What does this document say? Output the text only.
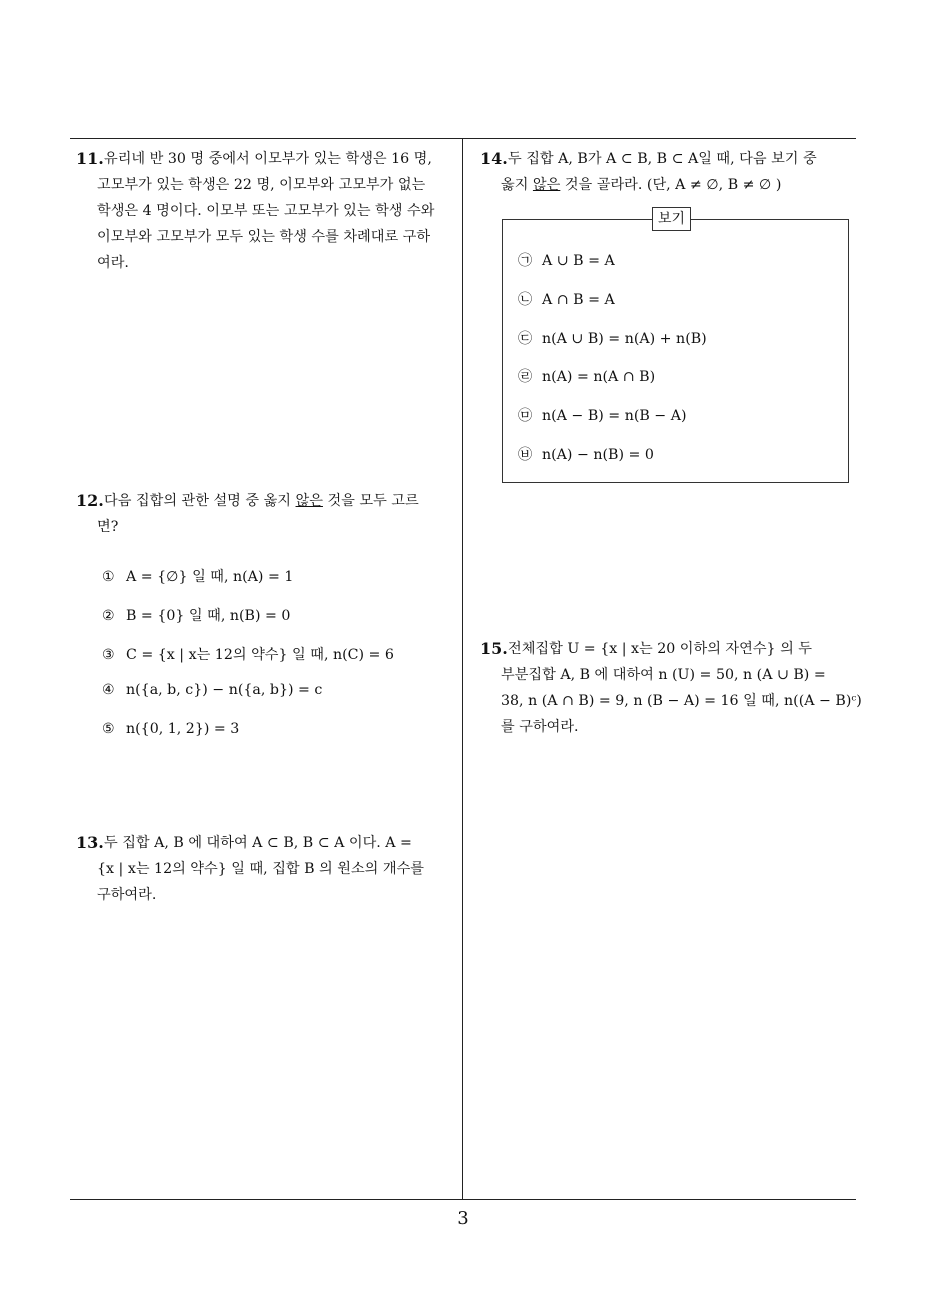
11. 유리네 반 30 명 중에서 이모부가 있는 학생은 16 명,
고모부가 있는 학생은 22 명, 이모부와 고모부가 없는
학생은 4 명이다. 이모부 또는 고모부가 있는 학생 수와
이모부와 고모부가 모두 있는 학생 수를 차례대로 구하
여라.
12. 다음 집합의 관한 설명 중 옳지 않은 것을 모두 고르
면?
① A = {∅} 일 때, n(A) = 1
② B = {0} 일 때, n(B) = 0
③ C = {x | x는 12의 약수} 일 때, n(C) = 6
④ n({a, b, c}) − n({a, b}) = c
⑤ n({0, 1, 2}) = 3
13. 두 집합 A, B 에 대하여 A ⊂ B, B ⊂ A 이다. A =
{x | x는 12의 약수} 일 때, 집합 B 의 원소의 개수를
구하여라.
14. 두 집합 A, B가 A ⊂ B, B ⊂ A일 때, 다음 보기 중
옳지 않은 것을 골라라. (단, A ≠ ∅, B ≠ ∅ )
보기
㉠ A ∪ B = A
㉡ A ∩ B = A
㉢ n(A ∪ B) = n(A) + n(B)
㉣ n(A) = n(A ∩ B)
㉤ n(A − B) = n(B − A)
㉥ n(A) − n(B) = 0
15. 전체집합 U = {x | x는 20 이하의 자연수} 의 두
부분집합 A, B 에 대하여 n (U) = 50, n (A ∪ B) =
38, n (A ∩ B) = 9, n (B − A) = 16 일 때, n((A − B)ᶜ)
를 구하여라.
3
